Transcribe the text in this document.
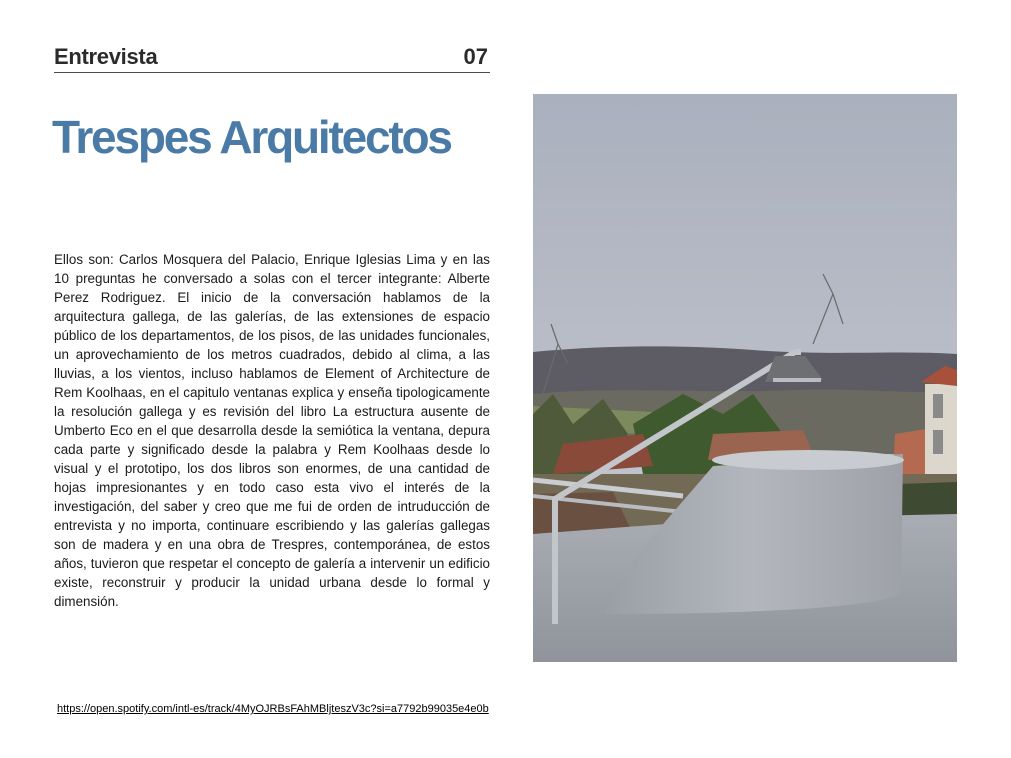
Entrevista	07
Trespes Arquitectos
Ellos son: Carlos Mosquera del Palacio, Enrique Iglesias Lima y en las 10 preguntas he conversado a solas con el tercer integrante: Alberte Perez Rodriguez. El inicio de la conversación hablamos de la arquitectura gallega, de las galerías, de las extensiones de espacio público de los departamentos, de los pisos, de las unidades funcionales, un aprovechamiento de los metros cuadrados, debido al clima, a las lluvias, a los vientos, incluso hablamos de Element of Architecture de Rem Koolhaas, en el capitulo ventanas explica y enseña tipologicamente la resolución gallega y es revisión del libro La estructura ausente de Umberto Eco en el que desarrolla desde la semiótica la ventana, depura cada parte y significado desde la palabra y Rem Koolhaas desde lo visual y el prototipo, los dos libros son enormes, de una cantidad de hojas impresionantes y en todo caso esta vivo el interés de la investigación, del saber y creo que me fui de orden de intruducción de entrevista y no importa, continuare escribiendo y las galerías gallegas son de madera y en una obra de Trespres, contemporánea, de estos años, tuvieron que respetar el concepto de galería a intervenir un edificio existe, reconstruir y producir la unidad urbana desde lo formal y dimensión.
https://open.spotify.com/intl-es/track/4MyOJRBsFAhMBljteszV3c?si=a7792b99035e4e0b
